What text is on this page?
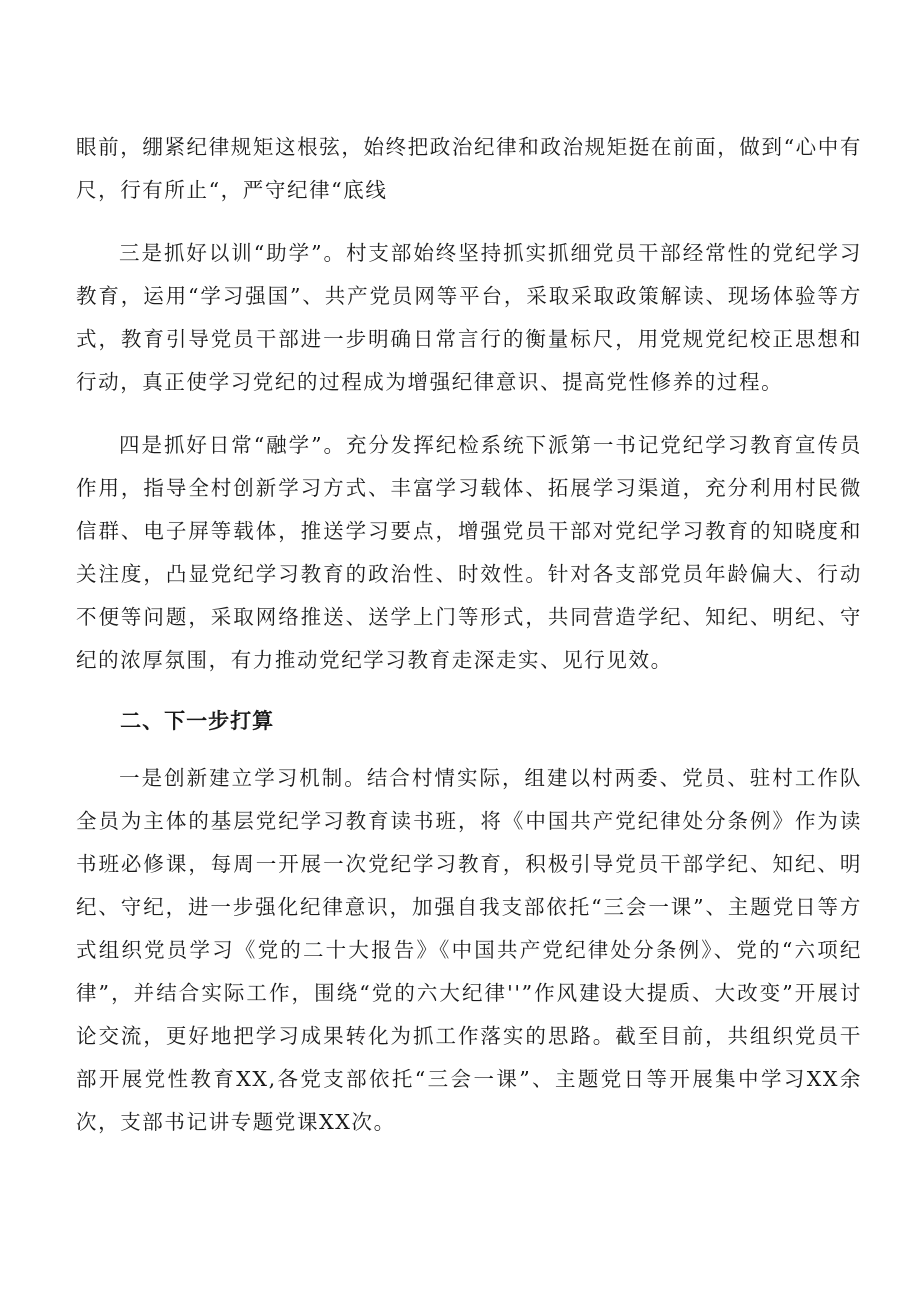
眼前，绷紧纪律规矩这根弦，始终把政治纪律和政治规矩挺在前面，做到“心中有尺，行有所止“，严守纪律“底线

三是抓好以训“助学”。村支部始终坚持抓实抓细党员干部经常性的党纪学习教育，运用“学习强国”、共产党员网等平台，采取采取政策解读、现场体验等方式，教育引导党员干部进一步明确日常言行的衡量标尺，用党规党纪校正思想和行动，真正使学习党纪的过程成为增强纪律意识、提高党性修养的过程。

四是抓好日常“融学”。充分发挥纪检系统下派第一书记党纪学习教育宣传员作用，指导全村创新学习方式、丰富学习载体、拓展学习渠道，充分利用村民微信群、电子屏等载体，推送学习要点，增强党员干部对党纪学习教育的知晓度和关注度，凸显党纪学习教育的政治性、时效性。针对各支部党员年龄偏大、行动不便等问题，采取网络推送、送学上门等形式，共同营造学纪、知纪、明纪、守纪的浓厚氛围，有力推动党纪学习教育走深走实、见行见效。

二、下一步打算

一是创新建立学习机制。结合村情实际，组建以村两委、党员、驻村工作队全员为主体的基层党纪学习教育读书班，将《中国共产党纪律处分条例》作为读书班必修课，每周一开展一次党纪学习教育，积极引导党员干部学纪、知纪、明纪、守纪，进一步强化纪律意识，加强自我支部依托“三会一课”、主题党日等方式组织党员学习《党的二十大报告》《中国共产党纪律处分条例》、党的“六项纪律”，并结合实际工作，围绕“党的六大纪律''”作风建设大提质、大改变”开展讨论交流，更好地把学习成果转化为抓工作落实的思路。截至目前，共组织党员干部开展党性教育XX,各党支部依托“三会一课”、主题党日等开展集中学习XX余次，支部书记讲专题党课XX次。
